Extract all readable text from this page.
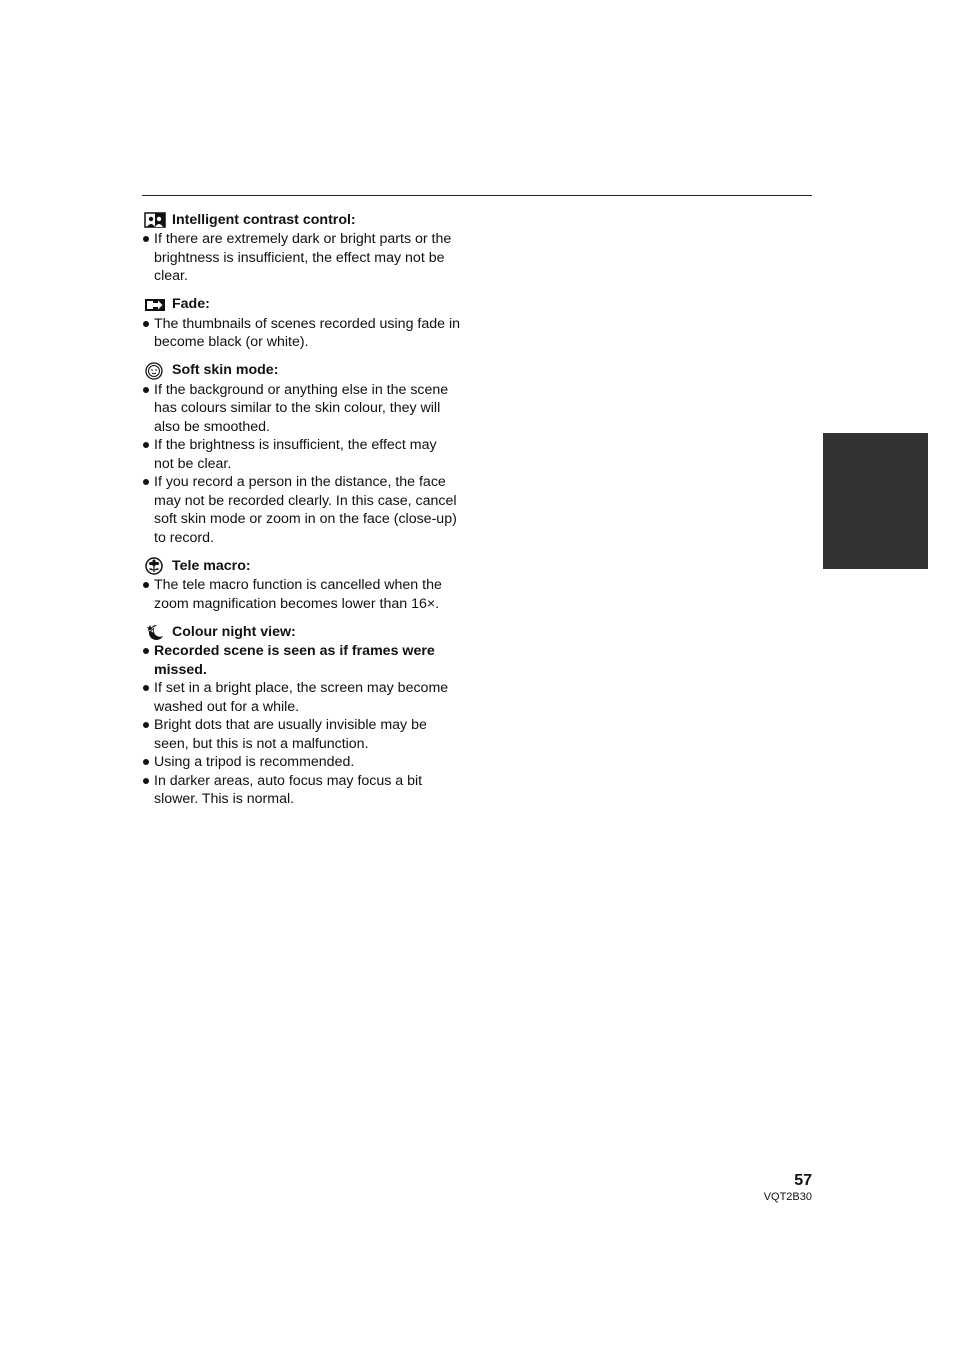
Intelligent contrast control:
If there are extremely dark or bright parts or the brightness is insufficient, the effect may not be clear.
Fade:
The thumbnails of scenes recorded using fade in become black (or white).
Soft skin mode:
If the background or anything else in the scene has colours similar to the skin colour, they will also be smoothed.
If the brightness is insufficient, the effect may not be clear.
If you record a person in the distance, the face may not be recorded clearly. In this case, cancel soft skin mode or zoom in on the face (close-up) to record.
Tele macro:
The tele macro function is cancelled when the zoom magnification becomes lower than 16×.
Colour night view:
Recorded scene is seen as if frames were missed.
If set in a bright place, the screen may become washed out for a while.
Bright dots that are usually invisible may be seen, but this is not a malfunction.
Using a tripod is recommended.
In darker areas, auto focus may focus a bit slower. This is normal.
57
VQT2B30
